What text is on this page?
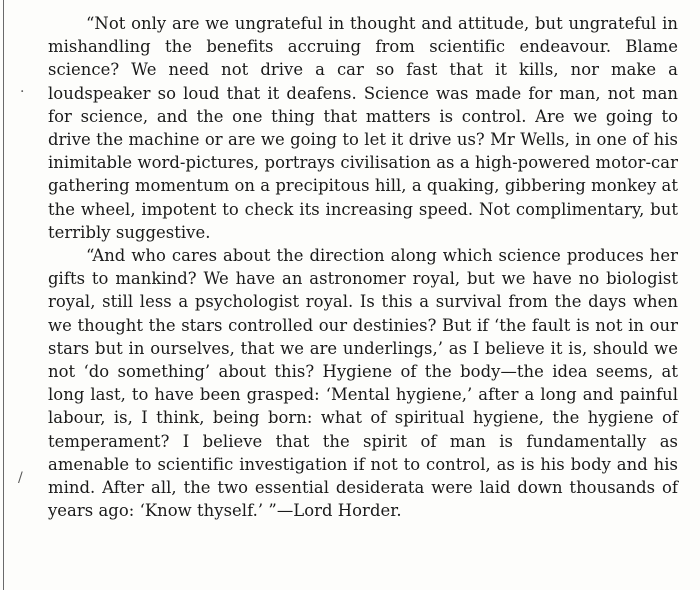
·
/

“Not only are we ungrateful in thought and attitude, but ungrateful in mishandling the benefits accruing from scientific endeavour. Blame science? We need not drive a car so fast that it kills, nor make a loudspeaker so loud that it deafens. Science was made for man, not man for science, and the one thing that matters is control. Are we going to drive the machine or are we going to let it drive us? Mr Wells, in one of his inimitable word-pictures, portrays civilisation as a high-powered motor-car gathering momentum on a precipitous hill, a quaking, gibbering monkey at the wheel, impotent to check its increasing speed. Not complimentary, but terribly suggestive.

“And who cares about the direction along which science produces her gifts to mankind? We have an astronomer royal, but we have no biologist royal, still less a psychologist royal. Is this a survival from the days when we thought the stars controlled our destinies? But if ‘the fault is not in our stars but in ourselves, that we are underlings,’ as I believe it is, should we not ‘do something’ about this? Hygiene of the body—the idea seems, at long last, to have been grasped: ‘Mental hygiene,’ after a long and painful labour, is, I think, being born: what of spiritual hygiene, the hygiene of temperament? I believe that the spirit of man is fundamentally as amenable to scientific investigation if not to control, as is his body and his mind. After all, the two essential desiderata were laid down thousands of years ago: ‘Know thyself.’ ”—Lord Horder.
